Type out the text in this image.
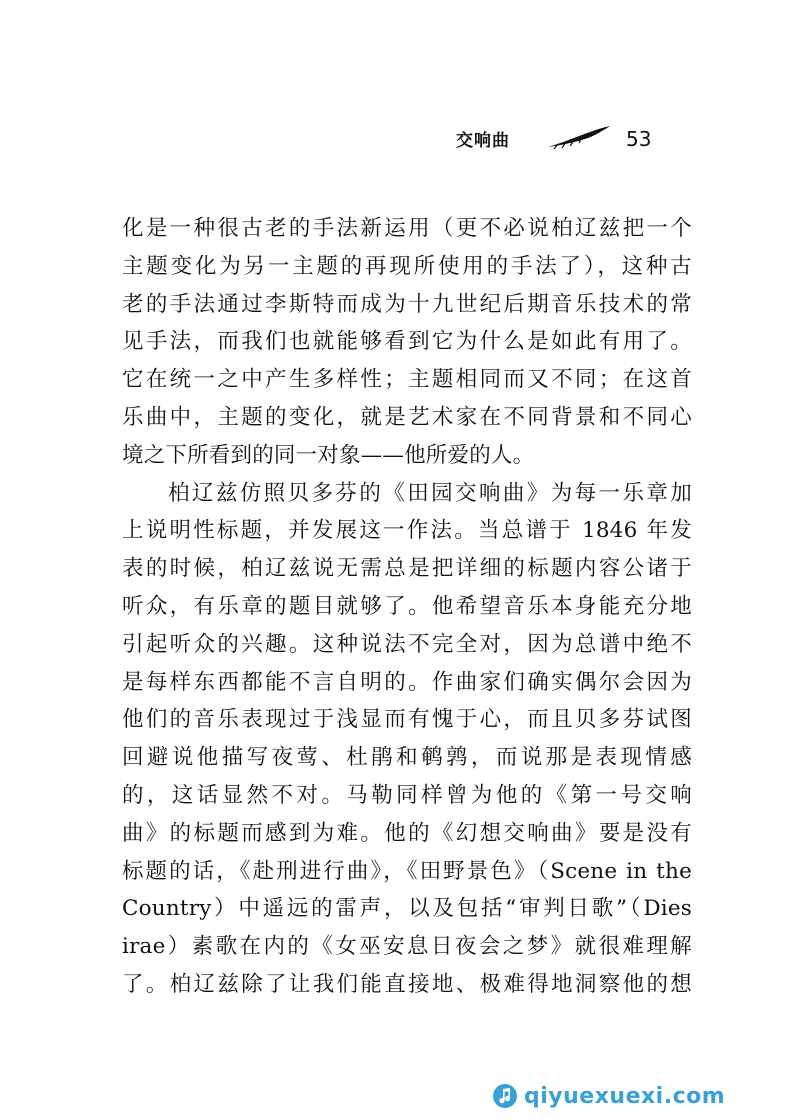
交响曲	53
化是一种很古老的手法新运用（更不必说柏辽兹把一个
主题变化为另一主题的再现所使用的手法了），这种古
老的手法通过李斯特而成为十九世纪后期音乐技术的常
见手法，而我们也就能够看到它为什么是如此有用了。
它在统一之中产生多样性；主题相同而又不同；在这首
乐曲中，主题的变化，就是艺术家在不同背景和不同心
境之下所看到的同一对象——他所爱的人。
柏辽兹仿照贝多芬的《田园交响曲》为每一乐章加
上说明性标题，并发展这一作法。当总谱于 1846 年发
表的时候，柏辽兹说无需总是把详细的标题内容公诸于
听众，有乐章的题目就够了。他希望音乐本身能充分地
引起听众的兴趣。这种说法不完全对，因为总谱中绝不
是每样东西都能不言自明的。作曲家们确实偶尔会因为
他们的音乐表现过于浅显而有愧于心，而且贝多芬试图
回避说他描写夜莺、杜鹃和鹌鹑，而说那是表现情感
的，这话显然不对。马勒同样曾为他的《第一号交响
曲》的标题而感到为难。他的《幻想交响曲》要是没有
标题的话，《赴刑进行曲》，《田野景色》（Scene in the
Country）中遥远的雷声，以及包括“审判日歌”（Dies
irae）素歌在内的《女巫安息日夜会之梦》就很难理解
了。柏辽兹除了让我们能直接地、极难得地洞察他的想
qiyuexuexi.com
